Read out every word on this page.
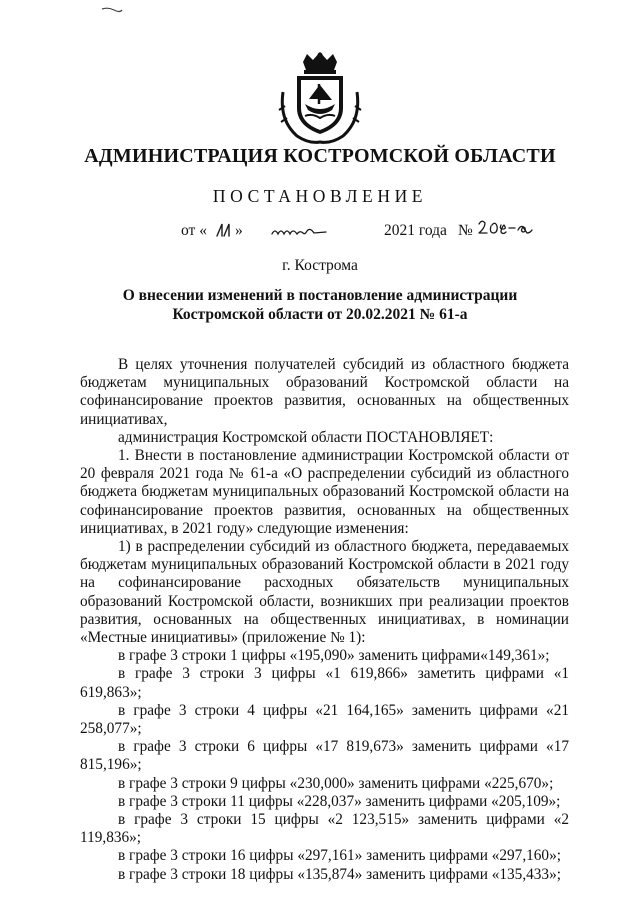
АДМИНИСТРАЦИЯ КОСТРОМСКОЙ ОБЛАСТИ
ПОСТАНОВЛЕНИЕ
от « »	2021 года №
г. Кострома
О внесении изменений в постановление администрации
Костромской области от 20.02.2021 № 61-а

В целях уточнения получателей субсидий из областного бюджета бюджетам муниципальных образований Костромской области на софинансирование проектов развития, основанных на общественных инициативах,

администрация Костромской области ПОСТАНОВЛЯЕТ:

1. Внести в постановление администрации Костромской области от 20 февраля 2021 года № 61-а «О распределении субсидий из областного бюджета бюджетам муниципальных образований Костромской области на софинансирование проектов развития, основанных на общественных инициативах, в 2021 году» следующие изменения:

1) в распределении субсидий из областного бюджета, передаваемых бюджетам муниципальных образований Костромской области в 2021 году на софинансирование расходных обязательств муниципальных образований Костромской области, возникших при реализации проектов развития, основанных на общественных инициативах, в номинации «Местные инициативы» (приложение № 1):

в графе 3 строки 1 цифры «195,090» заменить цифрами«149,361»;

в графе 3 строки 3 цифры «1 619,866» заметить цифрами «1 619,863»;

в графе 3 строки 4 цифры «21 164,165» заменить цифрами «21 258,077»;

в графе 3 строки 6 цифры «17 819,673» заменить цифрами «17 815,196»;

в графе 3 строки 9 цифры «230,000» заменить цифрами «225,670»;

в графе 3 строки 11 цифры «228,037» заменить цифрами «205,109»;

в графе 3 строки 15 цифры «2 123,515» заменить цифрами «2 119,836»;

в графе 3 строки 16 цифры «297,161» заменить цифрами «297,160»;

в графе 3 строки 18 цифры «135,874» заменить цифрами «135,433»;
